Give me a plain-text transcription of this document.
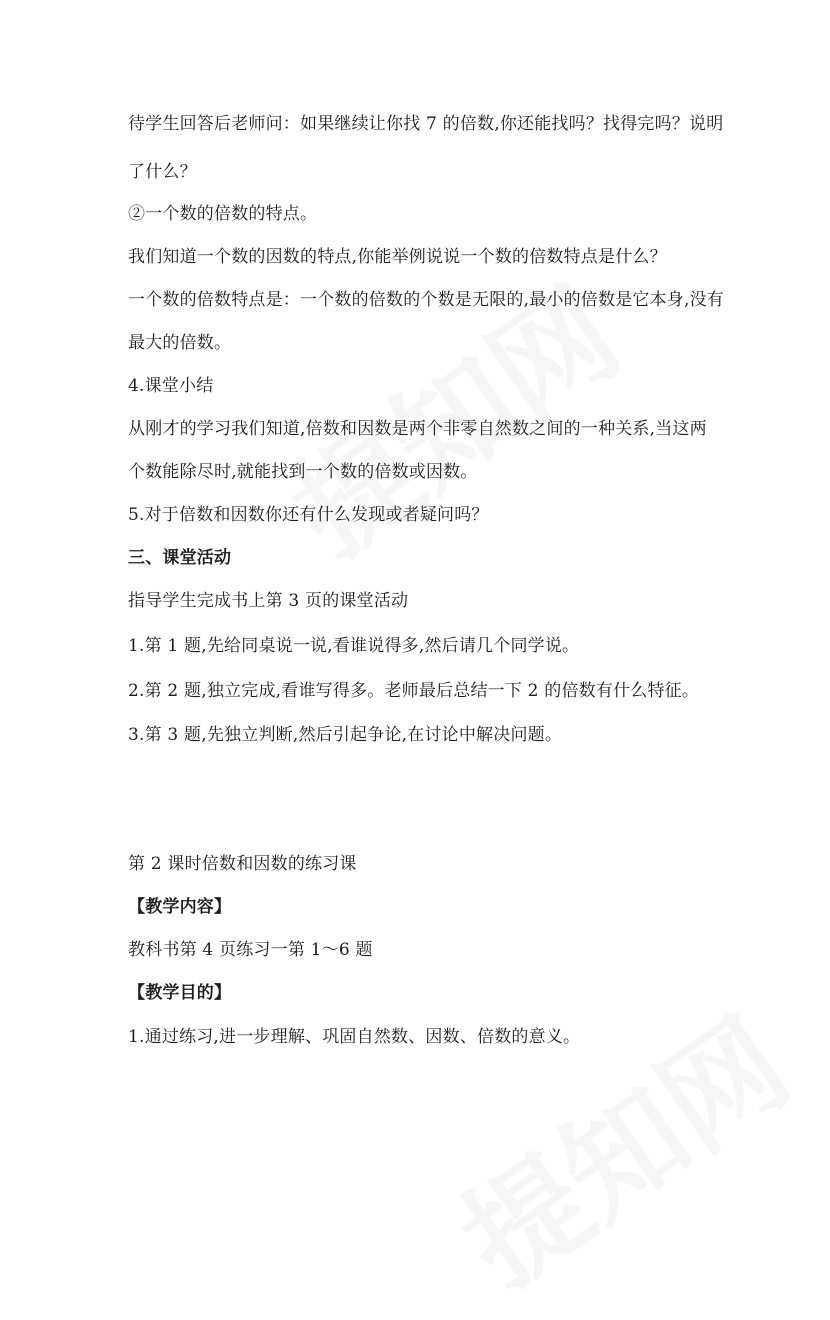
待学生回答后老师问：如果继续让你找 7 的倍数,你还能找吗？找得完吗？说明
了什么？
②一个数的倍数的特点。
我们知道一个数的因数的特点,你能举例说说一个数的倍数特点是什么？
一个数的倍数特点是：一个数的倍数的个数是无限的,最小的倍数是它本身,没有
最大的倍数。
4.课堂小结
从刚才的学习我们知道,倍数和因数是两个非零自然数之间的一种关系,当这两
个数能除尽时,就能找到一个数的倍数或因数。
5.对于倍数和因数你还有什么发现或者疑问吗？
三、课堂活动
指导学生完成书上第 3 页的课堂活动
1.第 1 题,先给同桌说一说,看谁说得多,然后请几个同学说。
2.第 2 题,独立完成,看谁写得多。老师最后总结一下 2 的倍数有什么特征。
3.第 3 题,先独立判断,然后引起争论,在讨论中解决问题。
第 2 课时倍数和因数的练习课
【教学内容】
教科书第 4 页练习一第 1～6 题
【教学目的】
1.通过练习,进一步理解、巩固自然数、因数、倍数的意义。
